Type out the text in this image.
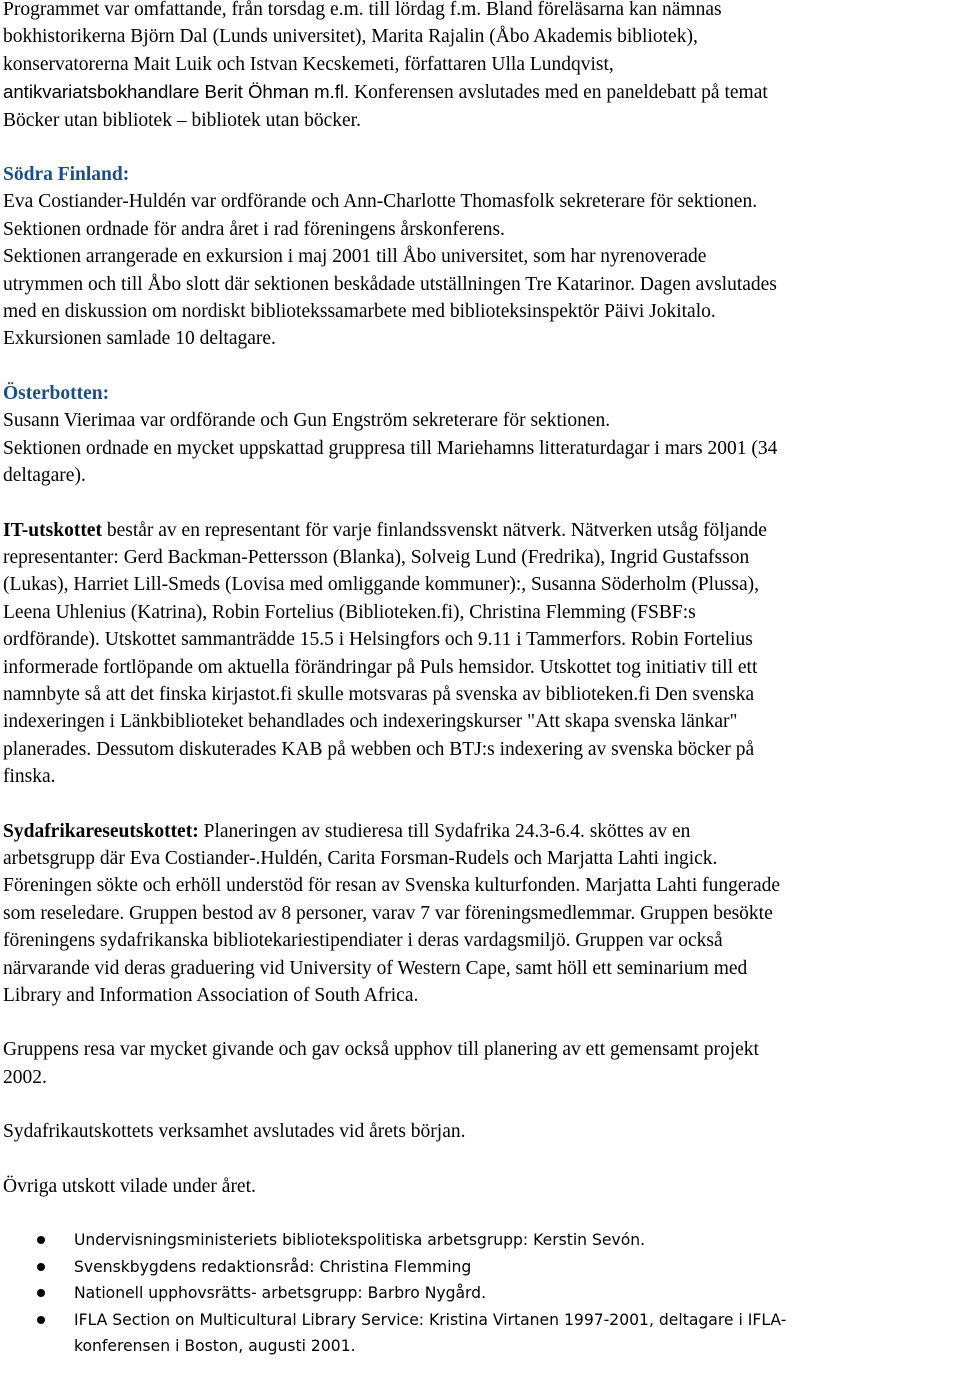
Programmet var omfattande, från torsdag e.m. till lördag f.m. Bland föreläsarna kan nämnas
bokhistorikerna Björn Dal (Lunds universitet), Marita Rajalin (Åbo Akademis bibliotek),
konservatorerna Mait Luik och Istvan Kecskemeti, författaren Ulla Lundqvist,
antikvariatsbokhandlare Berit Öhman m.fl. Konferensen avslutades med en paneldebatt på temat
Böcker utan bibliotek – bibliotek utan böcker.
Södra Finland:
Eva Costiander-Huldén var ordförande och Ann-Charlotte Thomasfolk sekreterare för sektionen.
Sektionen ordnade för andra året i rad föreningens årskonferens.
Sektionen arrangerade en exkursion i maj 2001 till Åbo universitet, som har nyrenoverade
utrymmen och till Åbo slott där sektionen beskådade utställningen Tre Katarinor. Dagen avslutades
med en diskussion om nordiskt bibliotekssamarbete med biblioteksinspektör Päivi Jokitalo.
Exkursionen samlade 10 deltagare.
Österbotten:
Susann Vierimaa var ordförande och Gun Engström sekreterare för sektionen.
Sektionen ordnade en mycket uppskattad gruppresa till Mariehamns litteraturdagar i mars 2001 (34
deltagare).
IT-utskottet består av en representant för varje finlandssvenskt nätverk. Nätverken utsåg följande
representanter: Gerd Backman-Pettersson (Blanka), Solveig Lund (Fredrika), Ingrid Gustafsson
(Lukas), Harriet Lill-Smeds (Lovisa med omliggande kommuner):, Susanna Söderholm (Plussa),
Leena Uhlenius (Katrina), Robin Fortelius (Biblioteken.fi), Christina Flemming (FSBF:s
ordförande). Utskottet sammanträdde 15.5 i Helsingfors och 9.11 i Tammerfors. Robin Fortelius
informerade fortlöpande om aktuella förändringar på Puls hemsidor. Utskottet tog initiativ till ett
namnbyte så att det finska kirjastot.fi skulle motsvaras på svenska av biblioteken.fi Den svenska
indexeringen i Länkbiblioteket behandlades och indexeringskurser "Att skapa svenska länkar"
planerades. Dessutom diskuterades KAB på webben och BTJ:s indexering av svenska böcker på
finska.
Sydafrikareseutskottet: Planeringen av studieresa till Sydafrika 24.3-6.4. sköttes av en
arbetsgrupp där Eva Costiander-.Huldén, Carita Forsman-Rudels och Marjatta Lahti ingick.
Föreningen sökte och erhöll understöd för resan av Svenska kulturfonden. Marjatta Lahti fungerade
som reseledare. Gruppen bestod av 8 personer, varav 7 var föreningsmedlemmar. Gruppen besökte
föreningens sydafrikanska bibliotekariestipendiater i deras vardagsmiljö. Gruppen var också
närvarande vid deras graduering vid University of Western Cape, samt höll ett seminarium med
Library and Information Association of South Africa.
Gruppens resa var mycket givande och gav också upphov till planering av ett gemensamt projekt
2002.
Sydafrikautskottets verksamhet avslutades vid årets början.
Övriga utskott vilade under året.
Undervisningsministeriets bibliotekspolitiska arbetsgrupp: Kerstin Sevón.
Svenskbygdens redaktionsråd: Christina Flemming
Nationell upphovsrätts- arbetsgrupp: Barbro Nygård.
IFLA Section on Multicultural Library Service: Kristina Virtanen 1997-2001, deltagare i IFLA-
konferensen i Boston, augusti 2001.
